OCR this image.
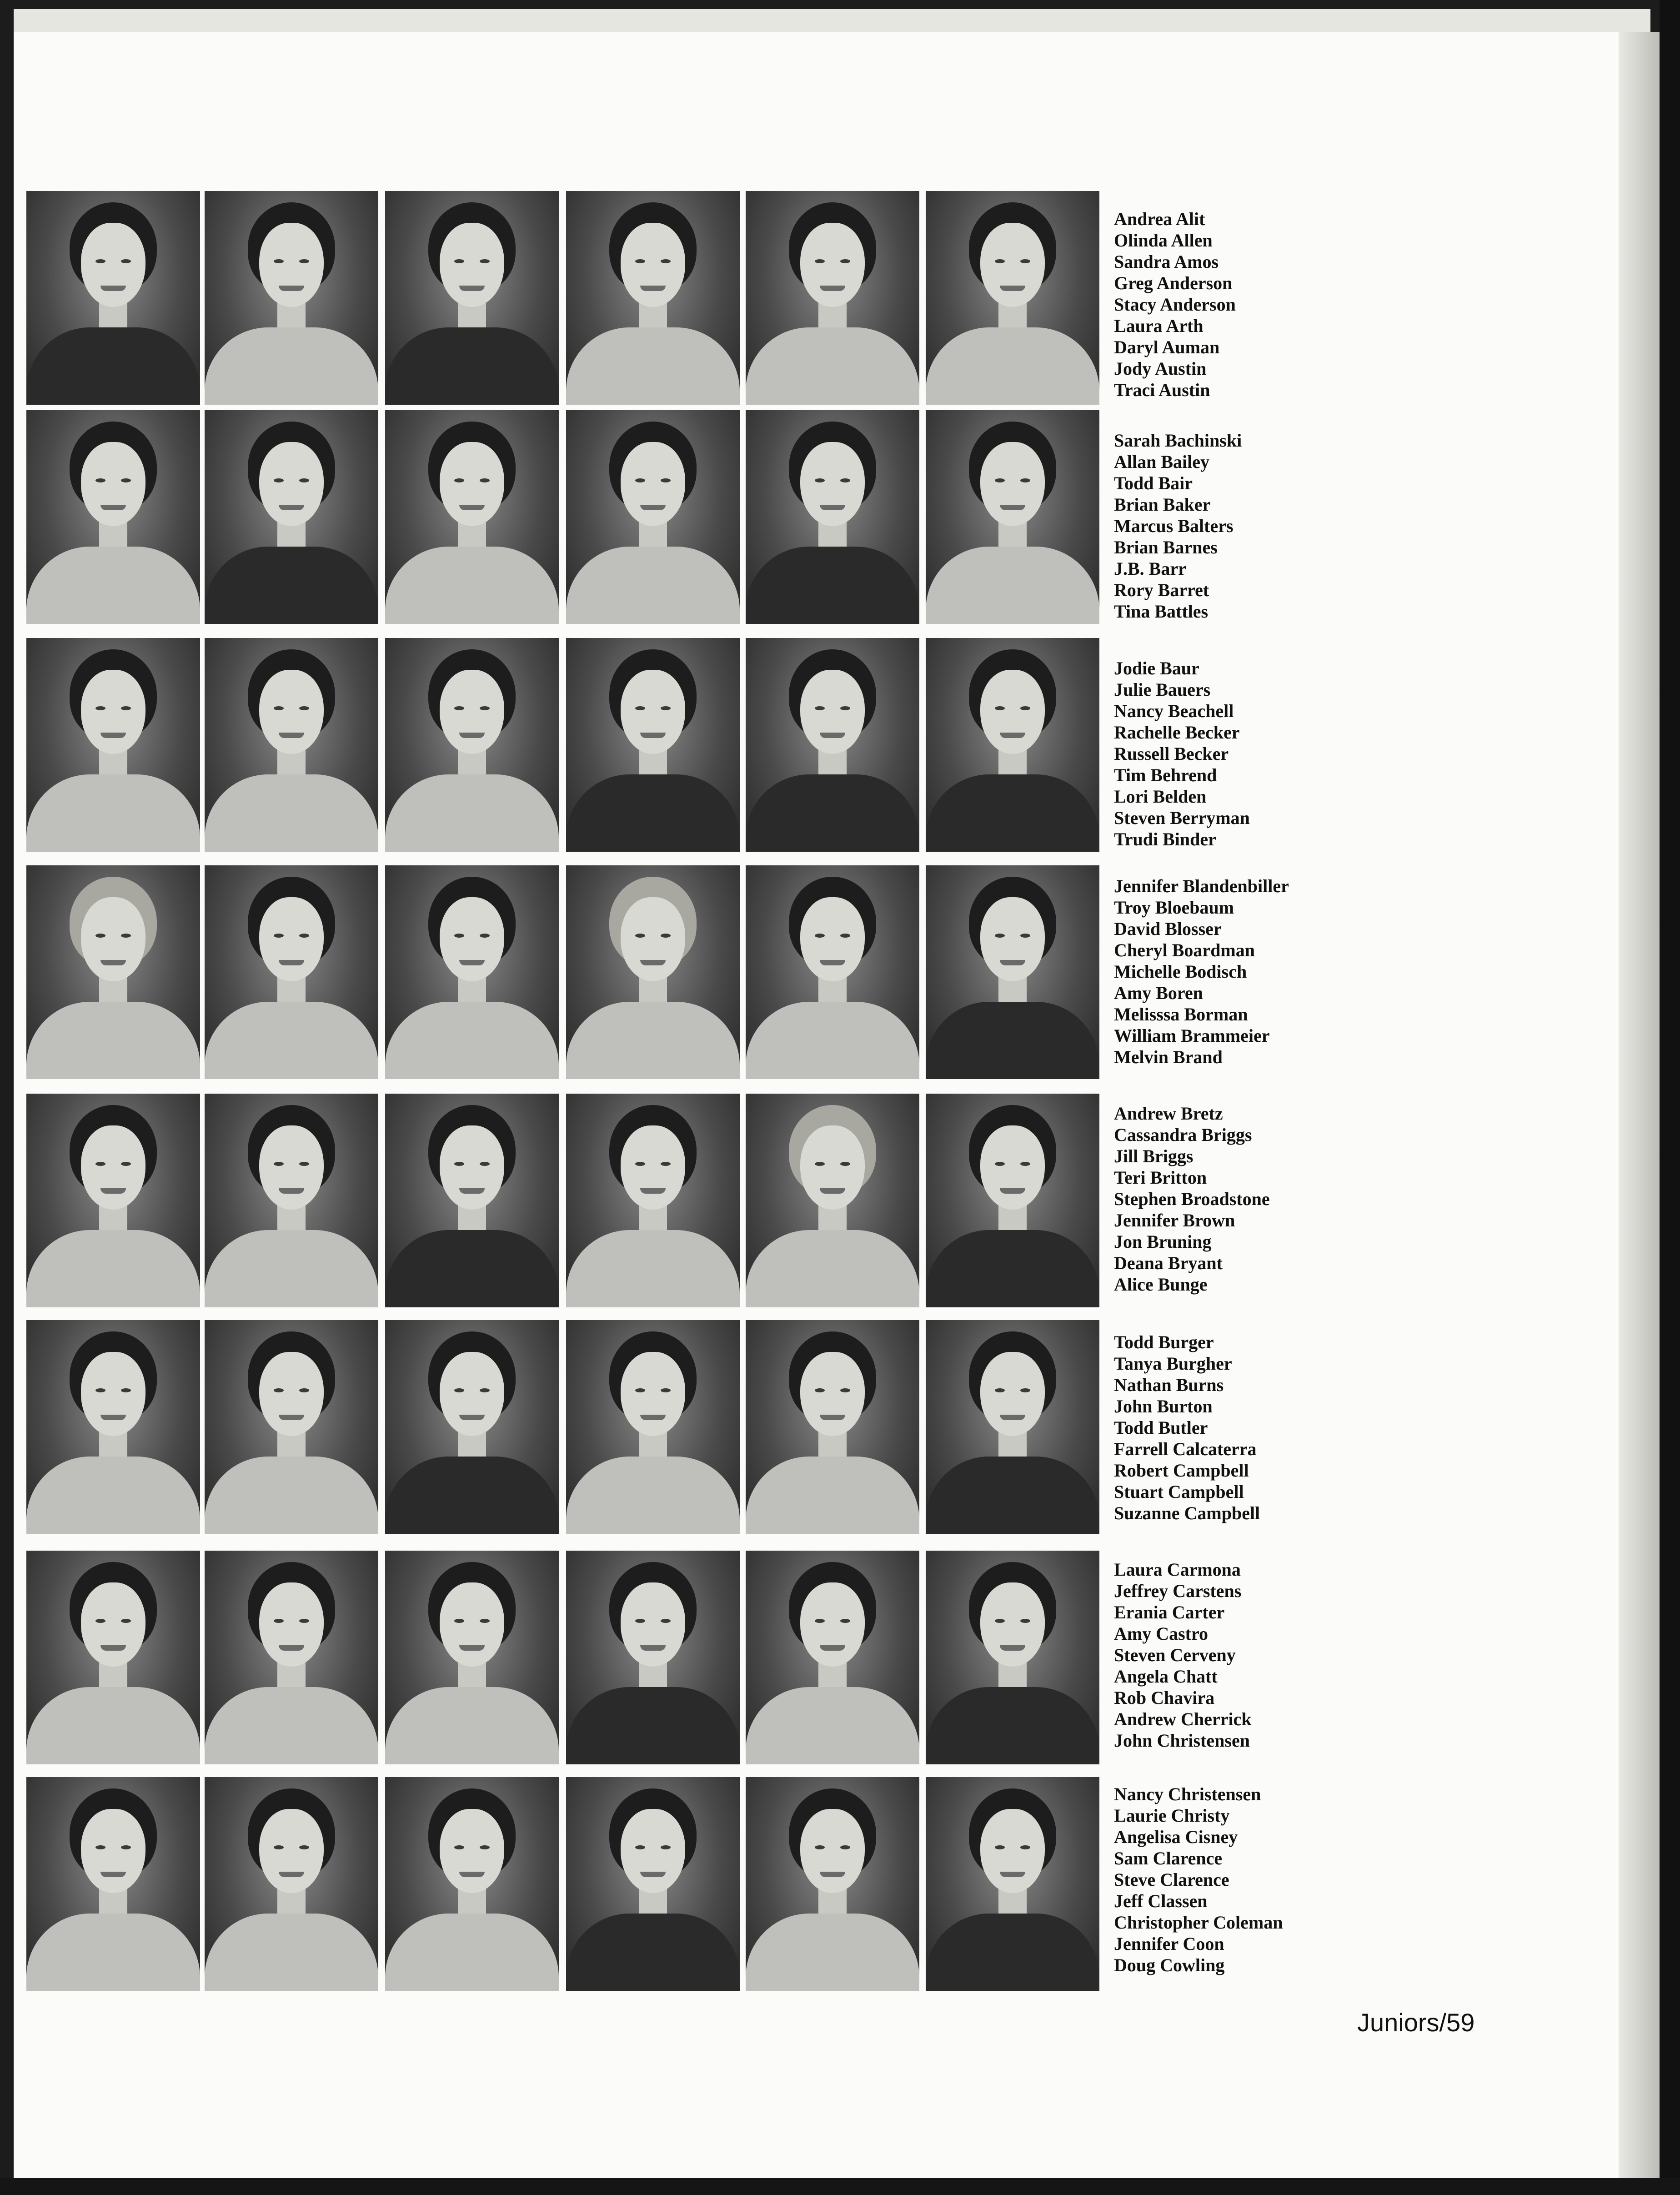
Andrea Alit
Olinda Allen
Sandra Amos
Greg Anderson
Stacy Anderson
Laura Arth
Daryl Auman
Jody Austin
Traci Austin
Sarah Bachinski
Allan Bailey
Todd Bair
Brian Baker
Marcus Balters
Brian Barnes
J.B. Barr
Rory Barret
Tina Battles
Jodie Baur
Julie Bauers
Nancy Beachell
Rachelle Becker
Russell Becker
Tim Behrend
Lori Belden
Steven Berryman
Trudi Binder
Jennifer Blandenbiller
Troy Bloebaum
David Blosser
Cheryl Boardman
Michelle Bodisch
Amy Boren
Melisssa Borman
William Brammeier
Melvin Brand
Andrew Bretz
Cassandra Briggs
Jill Briggs
Teri Britton
Stephen Broadstone
Jennifer Brown
Jon Bruning
Deana Bryant
Alice Bunge
Todd Burger
Tanya Burgher
Nathan Burns
John Burton
Todd Butler
Farrell Calcaterra
Robert Campbell
Stuart Campbell
Suzanne Campbell
Laura Carmona
Jeffrey Carstens
Erania Carter
Amy Castro
Steven Cerveny
Angela Chatt
Rob Chavira
Andrew Cherrick
John Christensen
Nancy Christensen
Laurie Christy
Angelisa Cisney
Sam Clarence
Steve Clarence
Jeff Classen
Christopher Coleman
Jennifer Coon
Doug Cowling
Juniors/59
